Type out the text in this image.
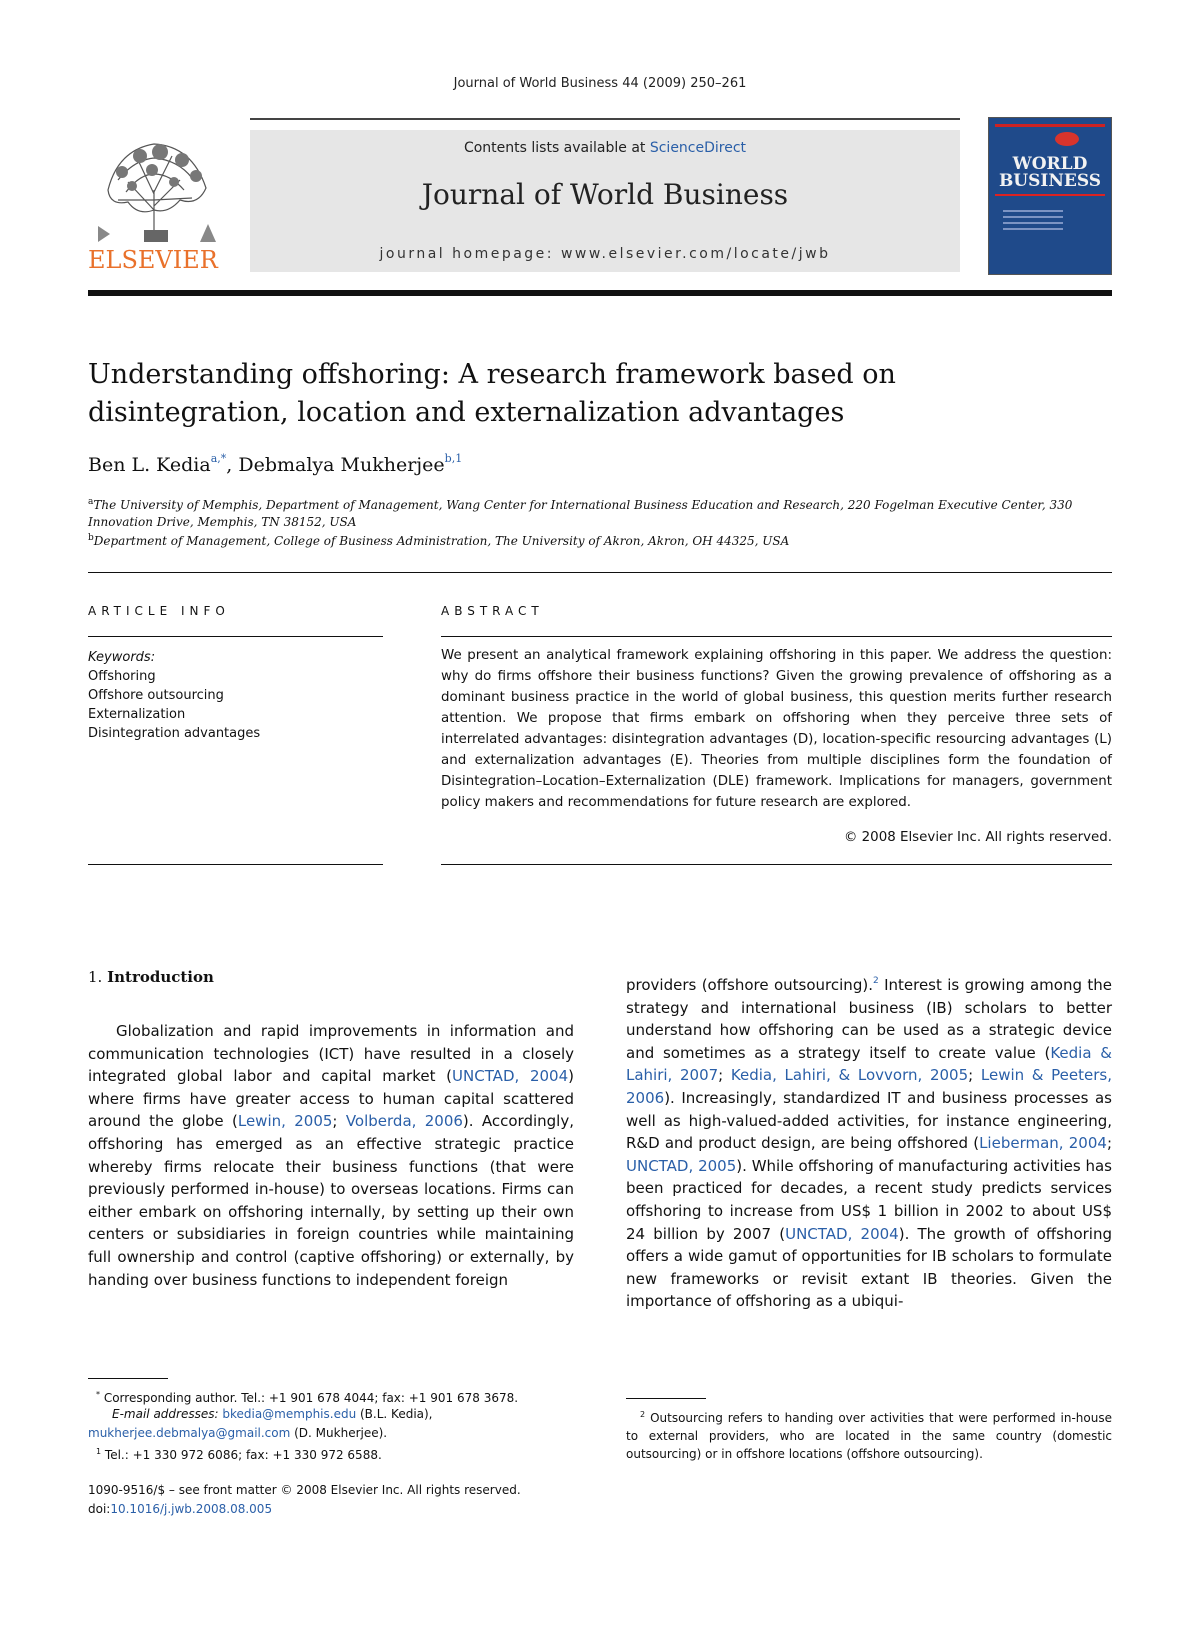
Journal of World Business 44 (2009) 250–261
ELSEVIER
Contents lists available at ScienceDirect
Journal of World Business
journal homepage: www.elsevier.com/locate/jwb
WORLD
BUSINESS
Understanding offshoring: A research framework based on disintegration, location and externalization advantages
Ben L. Kedia$^{a,*}$, Debmalya Mukherjee$^{b,1}$
$^a$The University of Memphis, Department of Management, Wang Center for International Business Education and Research, 220 Fogelman Executive Center, 330 Innovation Drive, Memphis, TN 38152, USA
$^b$Department of Management, College of Business Administration, The University of Akron, Akron, OH 44325, USA
ARTICLE INFO	ABSTRACT
Keywords:
Offshoring
Offshore outsourcing
Externalization
Disintegration advantages
We present an analytical framework explaining offshoring in this paper. We address the question: why do firms offshore their business functions? Given the growing prevalence of offshoring as a dominant business practice in the world of global business, this question merits further research attention. We propose that firms embark on offshoring when they perceive three sets of interrelated advantages: disintegration advantages (D), location-specific resourcing advantages (L) and externalization advantages (E). Theories from multiple disciplines form the foundation of Disintegration–Location–Externalization (DLE) framework. Implications for managers, government policy makers and recommendations for future research are explored.
© 2008 Elsevier Inc. All rights reserved.
1. Introduction
Globalization and rapid improvements in information and communication technologies (ICT) have resulted in a closely integrated global labor and capital market (UNCTAD, 2004) where firms have greater access to human capital scattered around the globe (Lewin, 2005; Volberda, 2006). Accordingly, offshoring has emerged as an effective strategic practice whereby firms relocate their business functions (that were previously performed in-house) to overseas locations. Firms can either embark on offshoring internally, by setting up their own centers or subsidiaries in foreign countries while maintaining full ownership and control (captive offshoring) or externally, by handing over business functions to independent foreign
providers (offshore outsourcing).$^2$ Interest is growing among the strategy and international business (IB) scholars to better understand how offshoring can be used as a strategic device and sometimes as a strategy itself to create value (Kedia & Lahiri, 2007; Kedia, Lahiri, & Lovvorn, 2005; Lewin & Peeters, 2006). Increasingly, standardized IT and business processes as well as high-valued-added activities, for instance engineering, R&D and product design, are being offshored (Lieberman, 2004; UNCTAD, 2005). While offshoring of manufacturing activities has been practiced for decades, a recent study predicts services offshoring to increase from US$ 1 billion in 2002 to about US$ 24 billion by 2007 (UNCTAD, 2004). The growth of offshoring offers a wide gamut of opportunities for IB scholars to formulate new frameworks or revisit extant IB theories. Given the importance of offshoring as a ubiqui-
* Corresponding author. Tel.: +1 901 678 4044; fax: +1 901 678 3678.
E-mail addresses: bkedia@memphis.edu (B.L. Kedia),
mukherjee.debmalya@gmail.com (D. Mukherjee).
$^1$ Tel.: +1 330 972 6086; fax: +1 330 972 6588.
1090-9516/$ – see front matter © 2008 Elsevier Inc. All rights reserved.
doi:10.1016/j.jwb.2008.08.005
$^2$ Outsourcing refers to handing over activities that were performed in-house to external providers, who are located in the same country (domestic outsourcing) or in offshore locations (offshore outsourcing).
